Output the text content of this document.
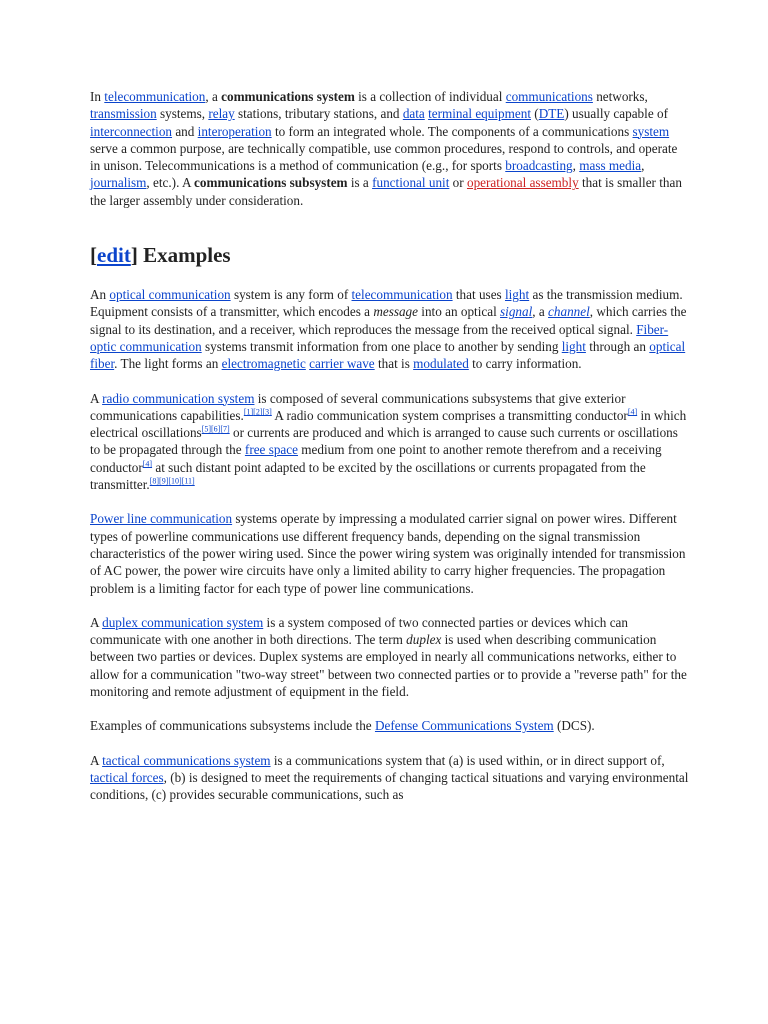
In telecommunication, a communications system is a collection of individual communications networks, transmission systems, relay stations, tributary stations, and data terminal equipment (DTE) usually capable of interconnection and interoperation to form an integrated whole. The components of a communications system serve a common purpose, are technically compatible, use common procedures, respond to controls, and operate in unison. Telecommunications is a method of communication (e.g., for sports broadcasting, mass media, journalism, etc.). A communications subsystem is a functional unit or operational assembly that is smaller than the larger assembly under consideration.

[edit] Examples

An optical communication system is any form of telecommunication that uses light as the transmission medium. Equipment consists of a transmitter, which encodes a message into an optical signal, a channel, which carries the signal to its destination, and a receiver, which reproduces the message from the received optical signal. Fiber-optic communication systems transmit information from one place to another by sending light through an optical fiber. The light forms an electromagnetic carrier wave that is modulated to carry information.

A radio communication system is composed of several communications subsystems that give exterior communications capabilities.[1][2][3] A radio communication system comprises a transmitting conductor[4] in which electrical oscillations[5][6][7] or currents are produced and which is arranged to cause such currents or oscillations to be propagated through the free space medium from one point to another remote therefrom and a receiving conductor[4] at such distant point adapted to be excited by the oscillations or currents propagated from the transmitter.[8][9][10][11]

Power line communication systems operate by impressing a modulated carrier signal on power wires. Different types of powerline communications use different frequency bands, depending on the signal transmission characteristics of the power wiring used. Since the power wiring system was originally intended for transmission of AC power, the power wire circuits have only a limited ability to carry higher frequencies. The propagation problem is a limiting factor for each type of power line communications.

A duplex communication system is a system composed of two connected parties or devices which can communicate with one another in both directions. The term duplex is used when describing communication between two parties or devices. Duplex systems are employed in nearly all communications networks, either to allow for a communication "two-way street" between two connected parties or to provide a "reverse path" for the monitoring and remote adjustment of equipment in the field.

Examples of communications subsystems include the Defense Communications System (DCS).

A tactical communications system is a communications system that (a) is used within, or in direct support of, tactical forces, (b) is designed to meet the requirements of changing tactical situations and varying environmental conditions, (c) provides securable communications, such as
